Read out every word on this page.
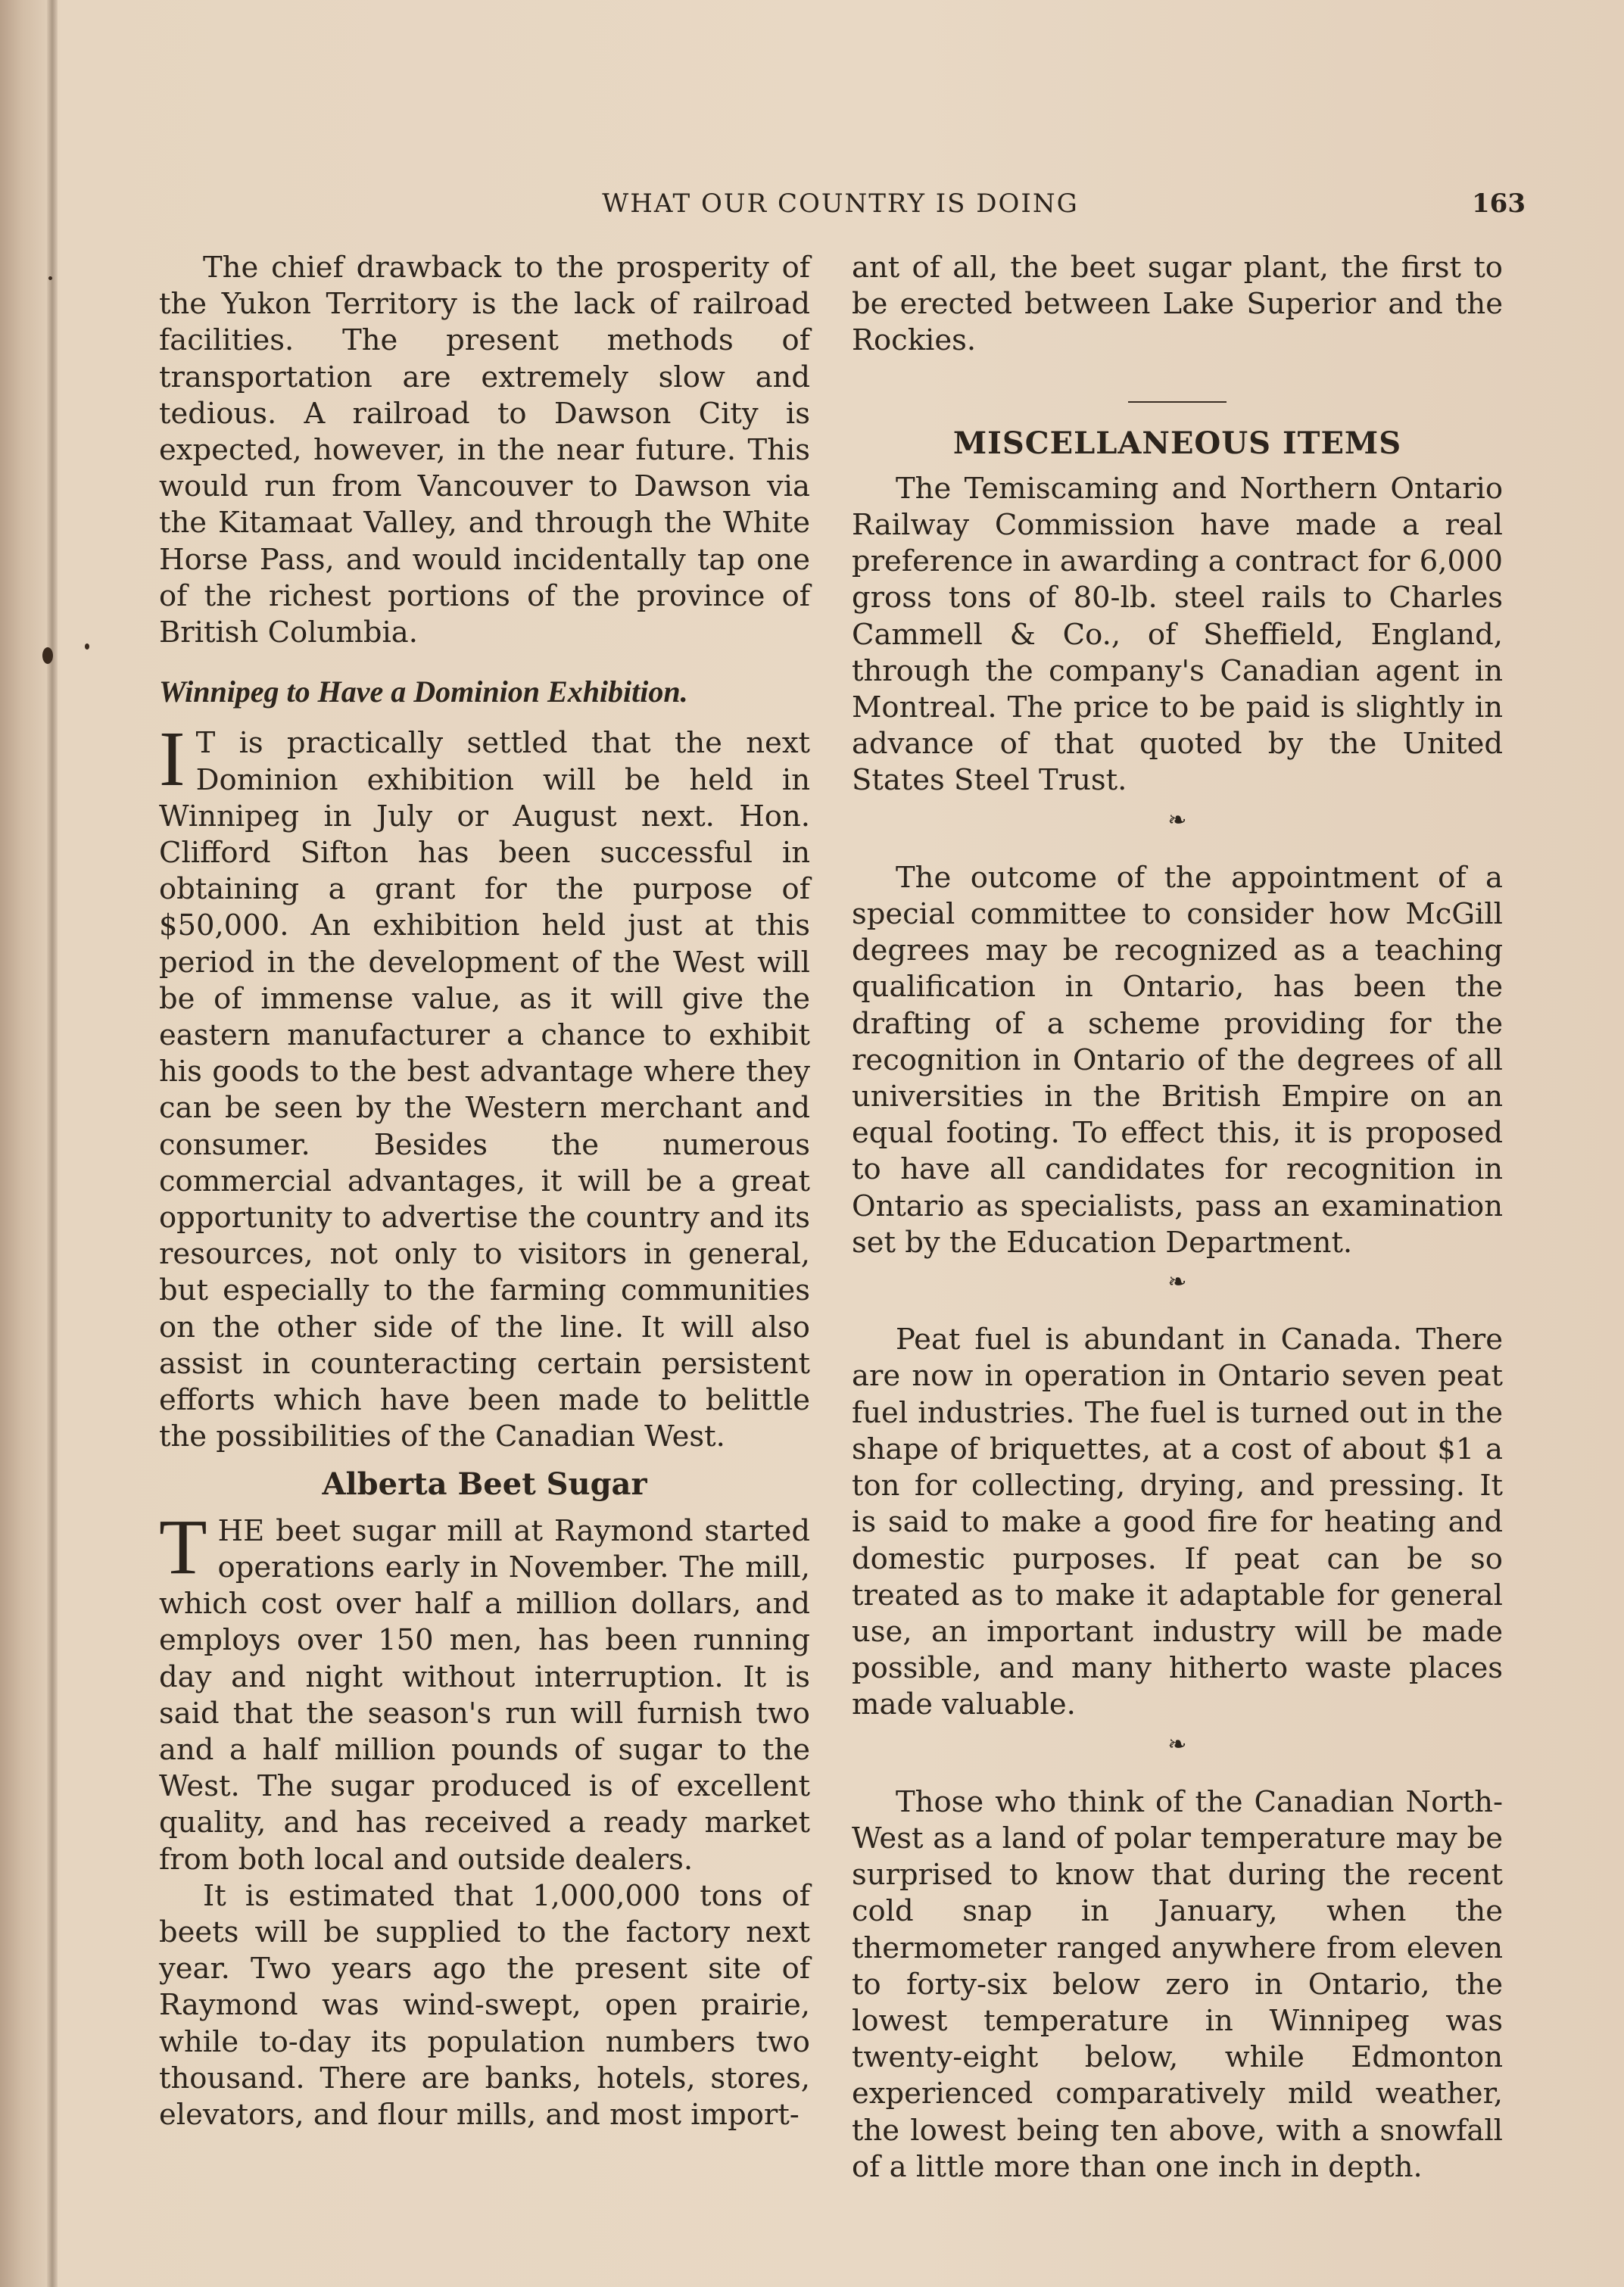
WHAT OUR COUNTRY IS DOING	163

The chief drawback to the prosperity of the Yukon Territory is the lack of railroad facilities. The present methods of transportation are extremely slow and tedious. A railroad to Dawson City is expected, however, in the near future. This would run from Vancouver to Dawson via the Kitamaat Valley, and through the White Horse Pass, and would incidentally tap one of the richest portions of the province of British Columbia.

Winnipeg to Have a Dominion Exhibition.

I T is practically settled that the next Dominion exhibition will be held in Winnipeg in July or August next. Hon. Clifford Sifton has been successful in obtaining a grant for the purpose of $50,000. An exhibition held just at this period in the development of the West will be of immense value, as it will give the eastern manufacturer a chance to exhibit his goods to the best advantage where they can be seen by the Western merchant and consumer. Besides the numerous commercial advantages, it will be a great opportunity to advertise the country and its resources, not only to visitors in general, but especially to the farming communities on the other side of the line. It will also assist in counteracting certain persistent efforts which have been made to belittle the possibilities of the Canadian West.

Alberta Beet Sugar

T HE beet sugar mill at Raymond started operations early in November. The mill, which cost over half a million dollars, and employs over 150 men, has been running day and night without interruption. It is said that the season's run will furnish two and a half million pounds of sugar to the West. The sugar produced is of excellent quality, and has received a ready market from both local and outside dealers.

It is estimated that 1,000,000 tons of beets will be supplied to the factory next year. Two years ago the present site of Raymond was wind-swept, open prairie, while to-day its population numbers two thousand. There are banks, hotels, stores, elevators, and flour mills, and most import-

ant of all, the beet sugar plant, the first to be erected between Lake Superior and the Rockies.

MISCELLANEOUS ITEMS

The Temiscaming and Northern Ontario Railway Commission have made a real preference in awarding a contract for 6,000 gross tons of 80-lb. steel rails to Charles Cammell & Co., of Sheffield, England, through the company's Canadian agent in Montreal. The price to be paid is slightly in advance of that quoted by the United States Steel Trust.

❧

The outcome of the appointment of a special committee to consider how McGill degrees may be recognized as a teaching qualification in Ontario, has been the drafting of a scheme providing for the recognition in Ontario of the degrees of all universities in the British Empire on an equal footing. To effect this, it is proposed to have all candidates for recognition in Ontario as specialists, pass an examination set by the Education Department.

❧

Peat fuel is abundant in Canada. There are now in operation in Ontario seven peat fuel industries. The fuel is turned out in the shape of briquettes, at a cost of about $1 a ton for collecting, drying, and pressing. It is said to make a good fire for heating and domestic purposes. If peat can be so treated as to make it adaptable for general use, an important industry will be made possible, and many hitherto waste places made valuable.

❧

Those who think of the Canadian North-West as a land of polar temperature may be surprised to know that during the recent cold snap in January, when the thermometer ranged anywhere from eleven to forty-six below zero in Ontario, the lowest temperature in Winnipeg was twenty-eight below, while Edmonton experienced comparatively mild weather, the lowest being ten above, with a snowfall of a little more than one inch in depth.
